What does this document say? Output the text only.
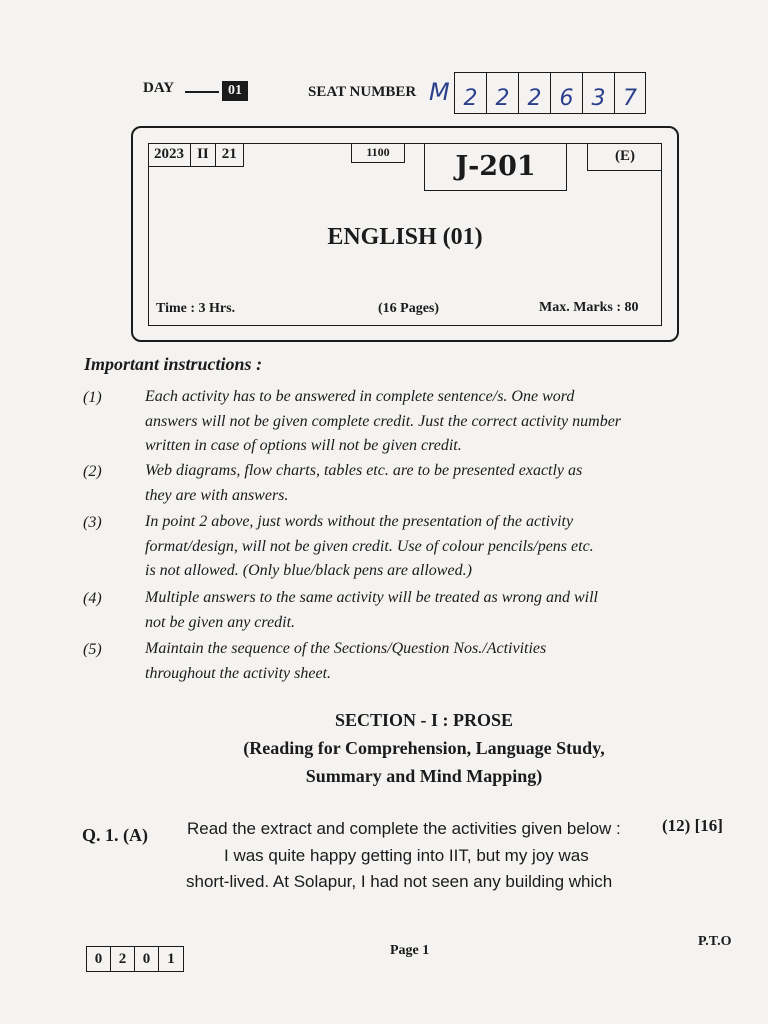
DAY	01	SEAT NUMBER M 2 2 2 6 3 7
2023 II 21	1100	J-201	(E)
ENGLISH (01)
Time : 3 Hrs.	(16 Pages)	Max. Marks : 80
Important instructions :
(1)	Each activity has to be answered in complete sentence/s. One word
answers will not be given complete credit. Just the correct activity number
written in case of options will not be given credit.
(2)	Web diagrams, flow charts, tables etc. are to be presented exactly as
they are with answers.
(3)	In point 2 above, just words without the presentation of the activity
format/design, will not be given credit. Use of colour pencils/pens etc.
is not allowed. (Only blue/black pens are allowed.)
(4)	Multiple answers to the same activity will be treated as wrong and will
not be given any credit.
(5)	Maintain the sequence of the Sections/Question Nos./Activities
throughout the activity sheet.
SECTION - I : PROSE
(Reading for Comprehension, Language Study,
Summary and Mind Mapping)
Q. 1. (A) Read the extract and complete the activities given below : (12) [16]
I was quite happy getting into IIT, but my joy was
short-lived. At Solapur, I had not seen any building which
0	2	0	1
Page 1
P.T.O
